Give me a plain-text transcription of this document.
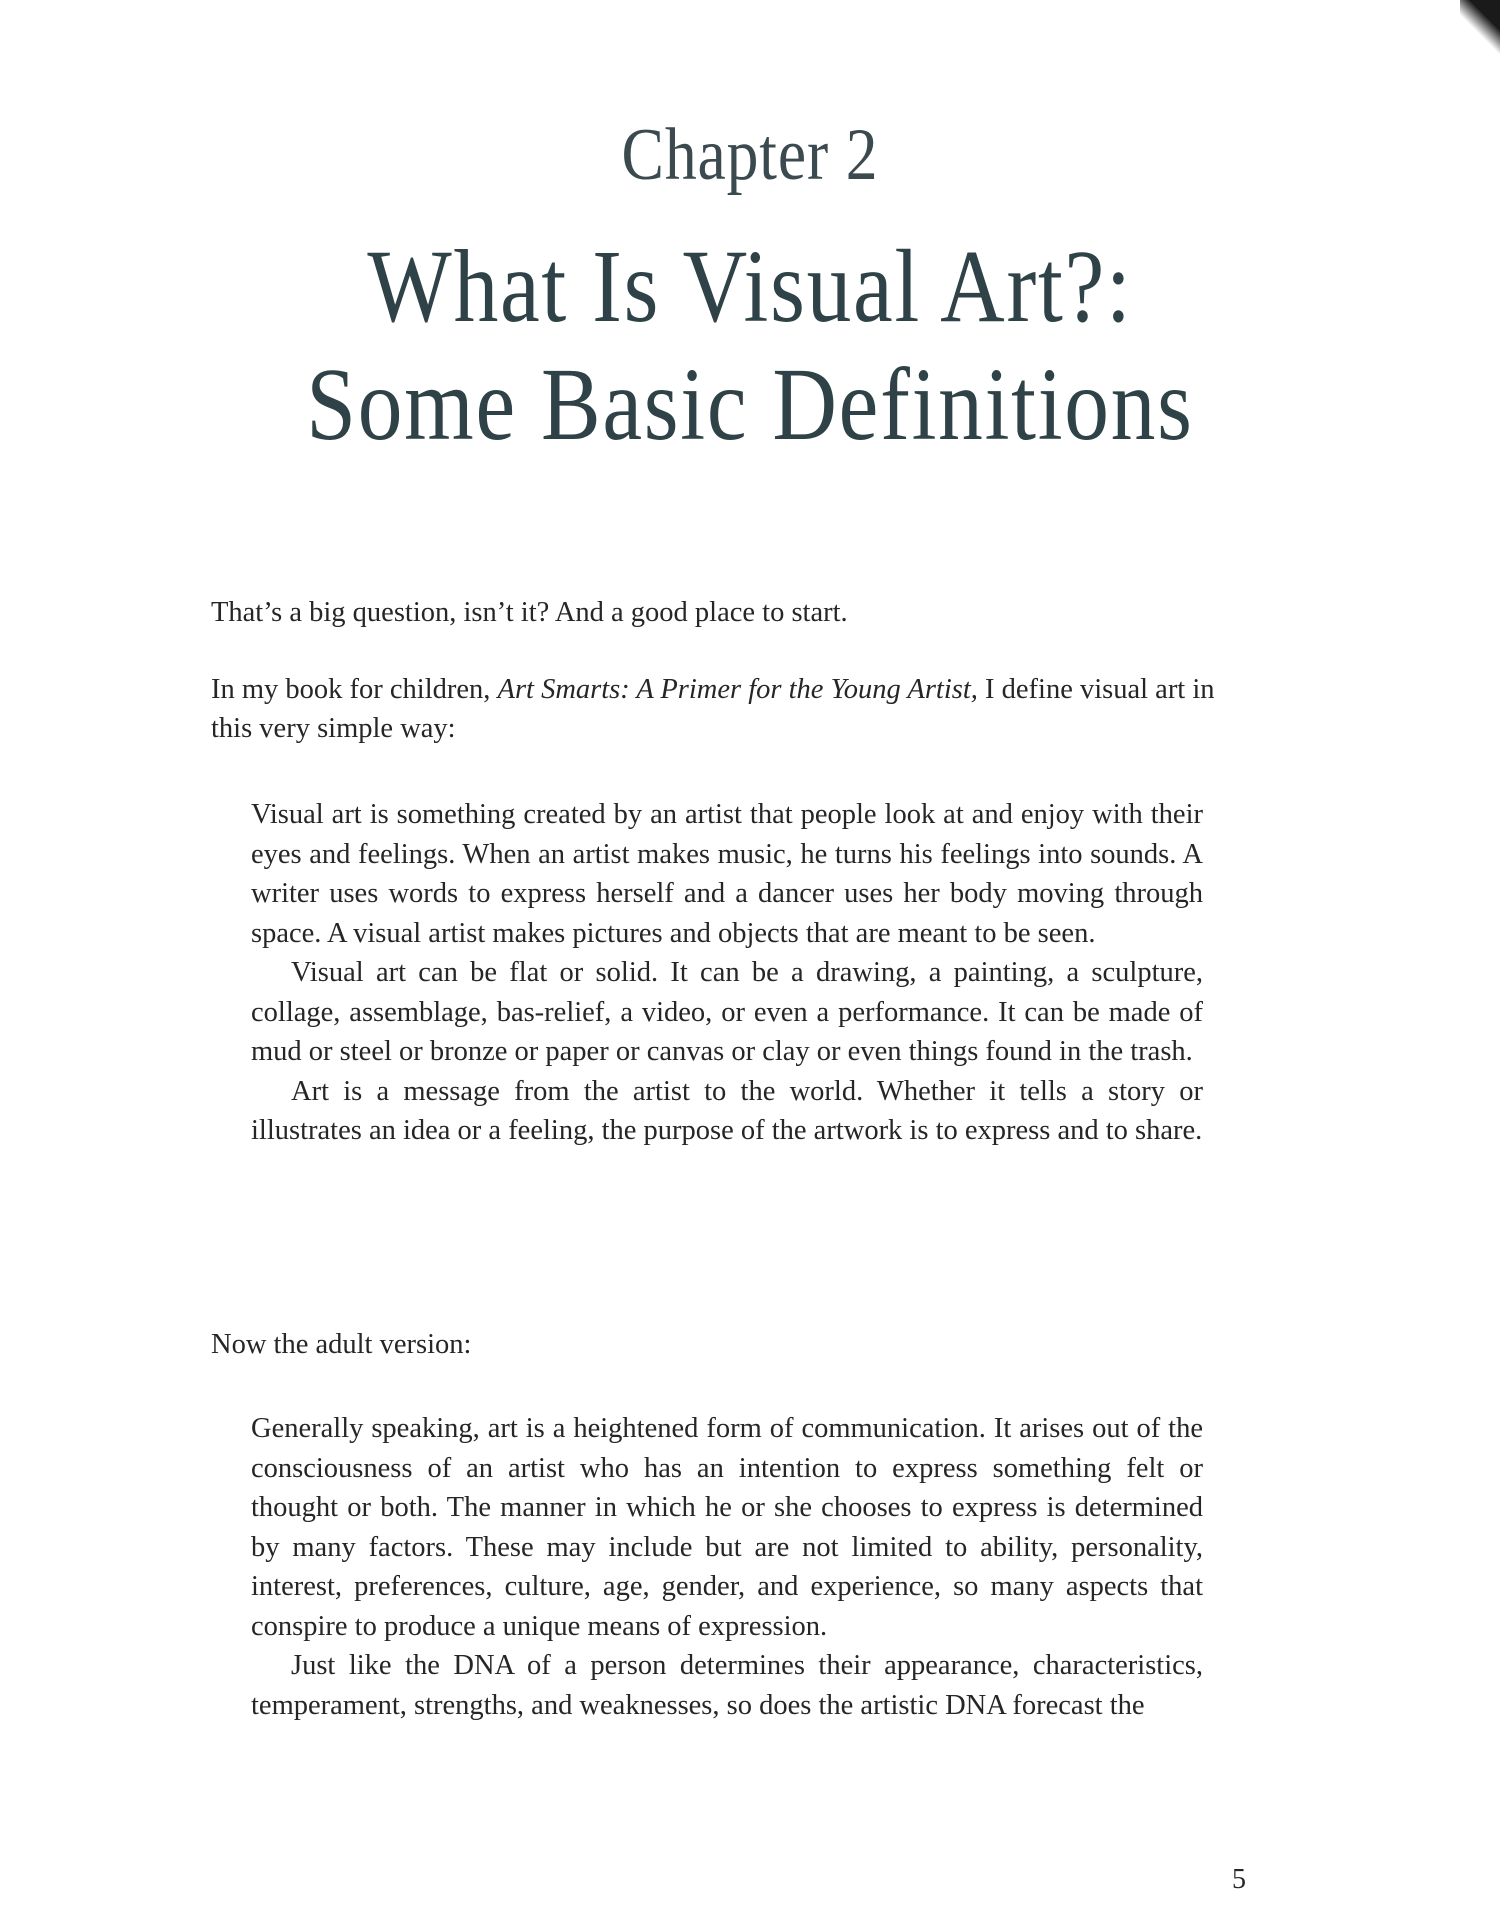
Chapter 2
What Is Visual Art?:
Some Basic Definitions
That’s a big question, isn’t it? And a good place to start.
In my book for children, Art Smarts: A Primer for the Young Artist, I define visual art in this very simple way:

Visual art is something created by an artist that people look at and enjoy with their eyes and feelings. When an artist makes music, he turns his feelings into sounds. A writer uses words to express herself and a dancer uses her body moving through space. A visual artist makes pictures and objects that are meant to be seen.

Visual art can be flat or solid. It can be a drawing, a painting, a sculpture, collage, assemblage, bas-relief, a video, or even a performance. It can be made of mud or steel or bronze or paper or canvas or clay or even things found in the trash.

Art is a message from the artist to the world. Whether it tells a story or illustrates an idea or a feeling, the purpose of the artwork is to express and to share.

Now the adult version:

Generally speaking, art is a heightened form of communication. It arises out of the consciousness of an artist who has an intention to express something felt or thought or both. The manner in which he or she chooses to express is determined by many factors. These may include but are not limited to ability, personality, interest, preferences, culture, age, gender, and experience, so many aspects that conspire to produce a unique means of expression.

Just like the DNA of a person determines their appearance, characteristics, temperament, strengths, and weaknesses, so does the artistic DNA forecast the

5
